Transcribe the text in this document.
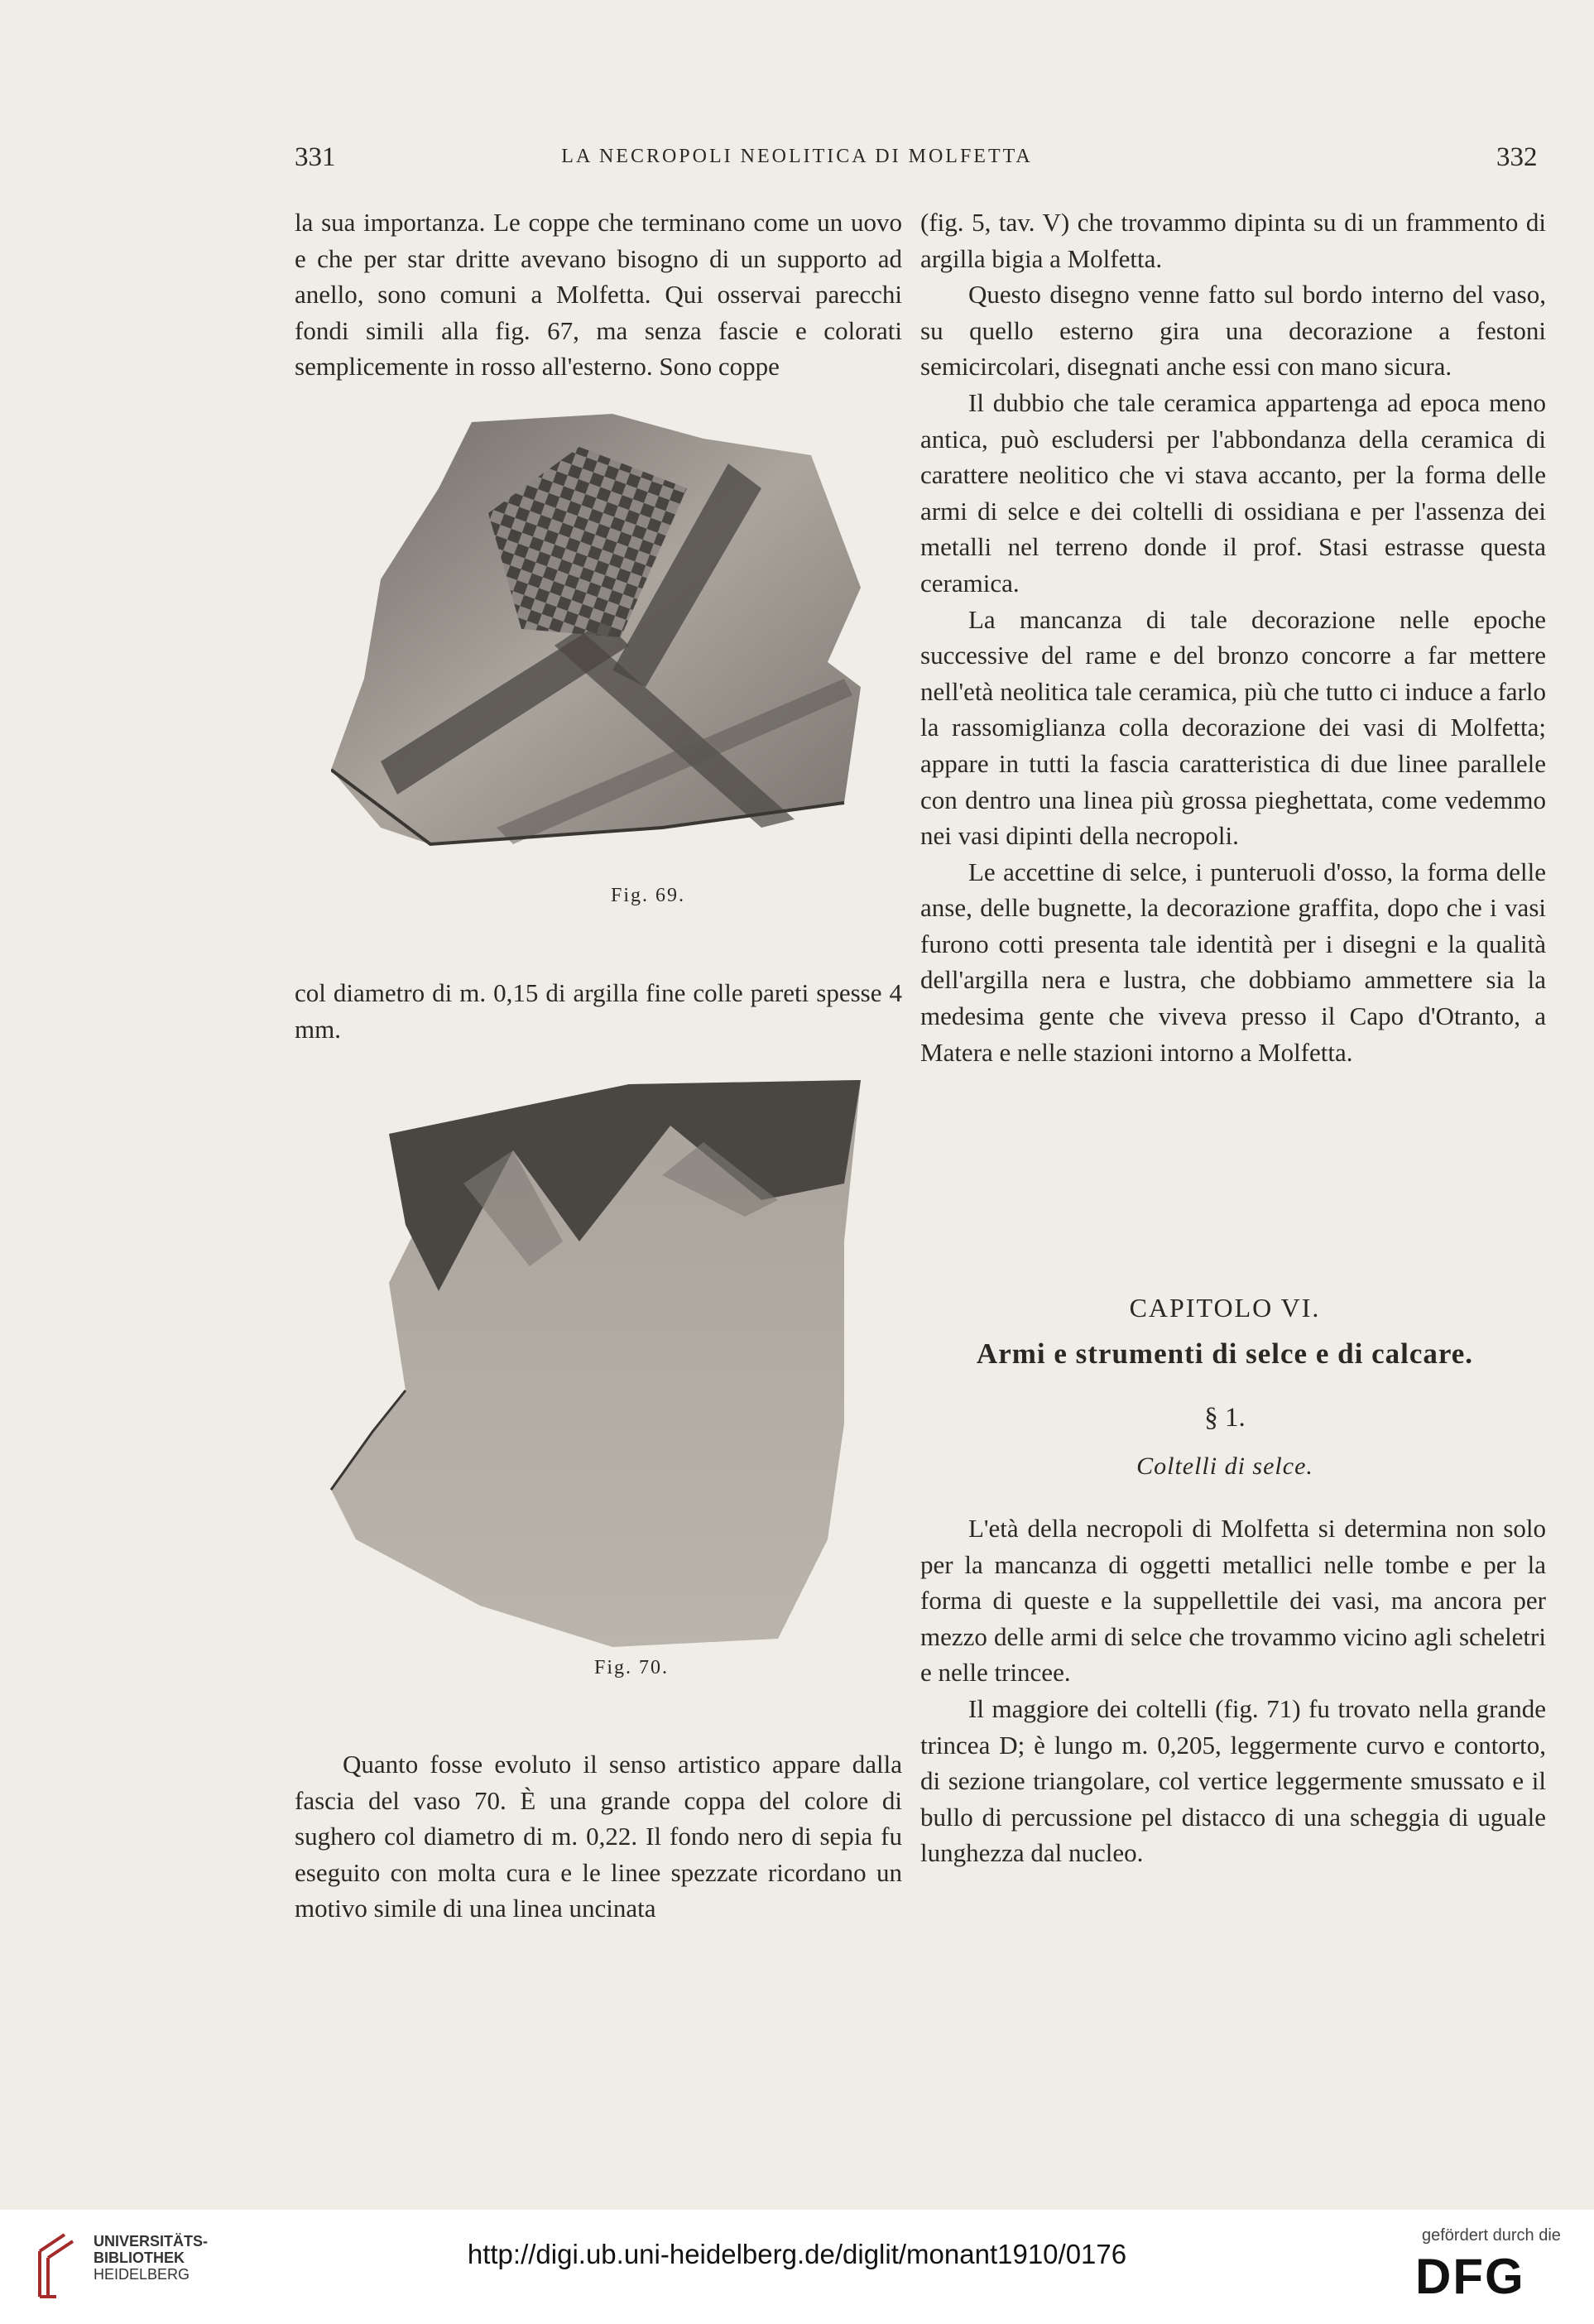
331	LA NECROPOLI NEOLITICA DI MOLFETTA	332

la sua importanza. Le coppe che terminano come un uovo e che per star dritte avevano bisogno di un supporto ad anello, sono comuni a Molfetta. Qui osservai parecchi fondi simili alla fig. 67, ma senza fascie e colorati semplicemente in rosso all'esterno. Sono coppe

Fig. 69.

col diametro di m. 0,15 di argilla fine colle pareti spesse 4 mm.

Fig. 70.

Quanto fosse evoluto il senso artistico appare dalla fascia del vaso 70. È una grande coppa del colore di sughero col diametro di m. 0,22. Il fondo nero di sepia fu eseguito con molta cura e le linee spezzate ricordano un motivo simile di una linea uncinata

(fig. 5, tav. V) che trovammo dipinta su di un frammento di argilla bigia a Molfetta.

Questo disegno venne fatto sul bordo interno del vaso, su quello esterno gira una decorazione a festoni semicircolari, disegnati anche essi con mano sicura.

Il dubbio che tale ceramica appartenga ad epoca meno antica, può escludersi per l'abbondanza della ceramica di carattere neolitico che vi stava accanto, per la forma delle armi di selce e dei coltelli di ossidiana e per l'assenza dei metalli nel terreno donde il prof. Stasi estrasse questa ceramica.

La mancanza di tale decorazione nelle epoche successive del rame e del bronzo concorre a far mettere nell'età neolitica tale ceramica, più che tutto ci induce a farlo la rassomiglianza colla decorazione dei vasi di Molfetta; appare in tutti la fascia caratteristica di due linee parallele con dentro una linea più grossa pieghettata, come vedemmo nei vasi dipinti della necropoli.

Le accettine di selce, i punteruoli d'osso, la forma delle anse, delle bugnette, la decorazione graffita, dopo che i vasi furono cotti presenta tale identità per i disegni e la qualità dell'argilla nera e lustra, che dobbiamo ammettere sia la medesima gente che viveva presso il Capo d'Otranto, a Matera e nelle stazioni intorno a Molfetta.

CAPITOLO VI.
Armi e strumenti di selce e di calcare.
§ 1.
Coltelli di selce.

L'età della necropoli di Molfetta si determina non solo per la mancanza di oggetti metallici nelle tombe e per la forma di queste e la suppellettile dei vasi, ma ancora per mezzo delle armi di selce che trovammo vicino agli scheletri e nelle trincee.

Il maggiore dei coltelli (fig. 71) fu trovato nella grande trincea D; è lungo m. 0,205, leggermente curvo e contorto, di sezione triangolare, col vertice leggermente smussato e il bullo di percussione pel distacco di una scheggia di uguale lunghezza dal nucleo.

UNIVERSITÄTS-
BIBLIOTHEK
HEIDELBERG
http://digi.ub.uni-heidelberg.de/diglit/monant1910/0176
gefördert durch die
DFG
